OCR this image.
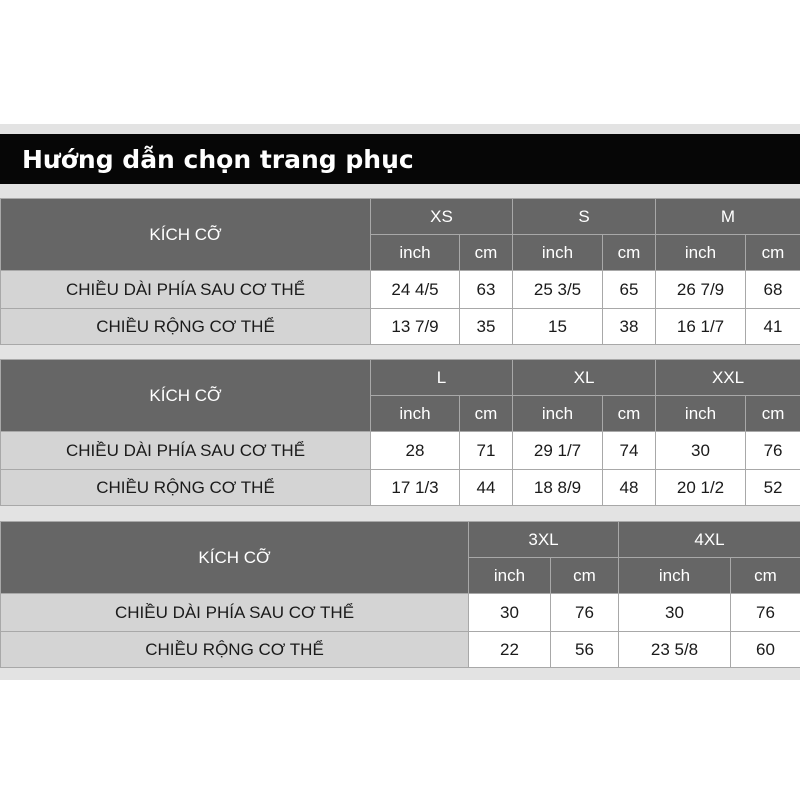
Hướng dẫn chọn trang phục
KÍCH CỠ	XS		S		M	
	inch	cm	inch	cm	inch	cm
CHIỀU DÀI PHÍA SAU CƠ THỂ	24 4/5	63	25 3/5	65	26 7/9	68
CHIỀU RỘNG CƠ THỂ	13 7/9	35	15	38	16 1/7	41
KÍCH CỠ	L		XL		XXL	
	inch	cm	inch	cm	inch	cm
CHIỀU DÀI PHÍA SAU CƠ THỂ	28	71	29 1/7	74	30	76
CHIỀU RỘNG CƠ THỂ	17 1/3	44	18 8/9	48	20 1/2	52
KÍCH CỠ	3XL		4XL	
	inch	cm	inch	cm
CHIỀU DÀI PHÍA SAU CƠ THỂ	30	76	30	76
CHIỀU RỘNG CƠ THỂ	22	56	23 5/8	60
